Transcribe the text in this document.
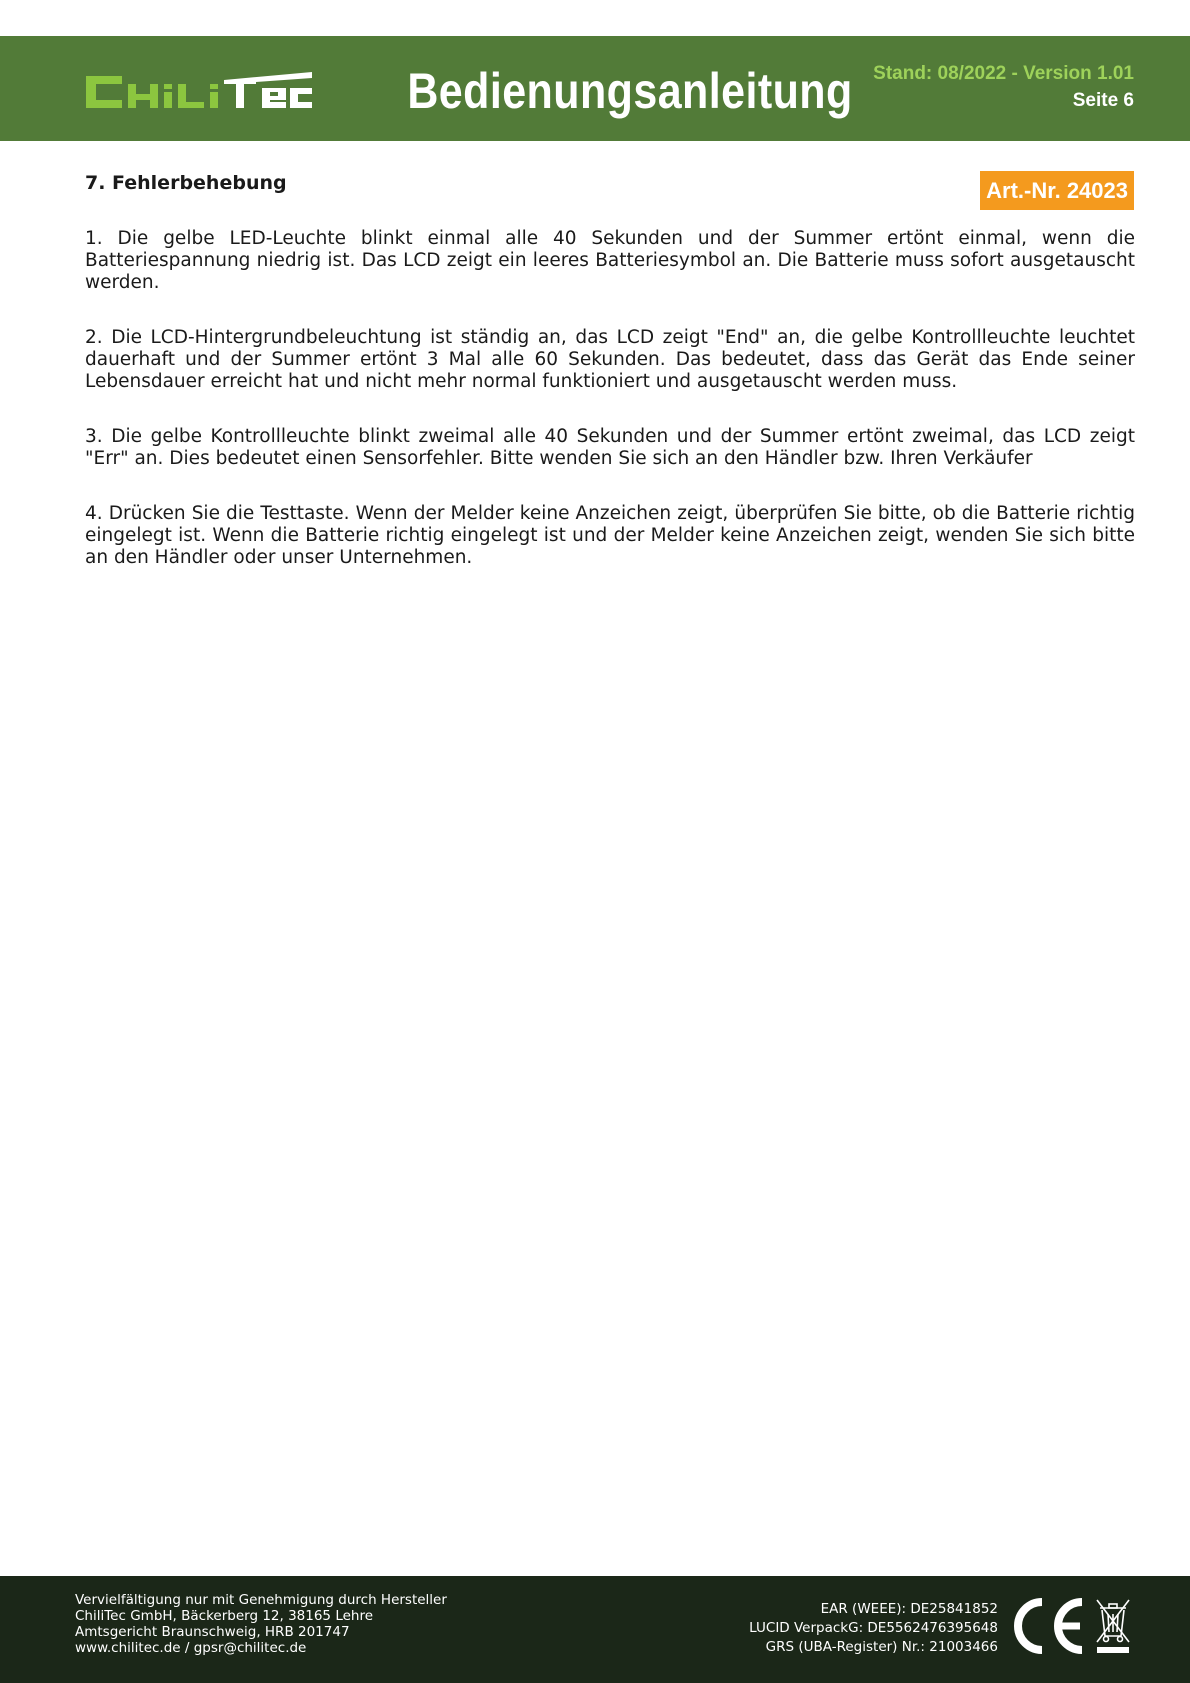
Bedienungsanleitung	Stand: 08/2022 - Version 1.01
Seite 6
7. Fehlerbehebung	Art.-Nr. 24023

1. Die gelbe LED-Leuchte blinkt einmal alle 40 Sekunden und der Summer ertönt einmal, wenn die Batteriespannung niedrig ist. Das LCD zeigt ein leeres Batteriesymbol an. Die Batterie muss sofort ausgetauscht werden.

2. Die LCD-Hintergrundbeleuchtung ist ständig an, das LCD zeigt "End" an, die gelbe Kontrollleuchte leuchtet dauerhaft und der Summer ertönt 3 Mal alle 60 Sekunden. Das bedeutet, dass das Gerät das Ende seiner Lebensdauer erreicht hat und nicht mehr normal funktioniert und ausgetauscht werden muss.

3. Die gelbe Kontrollleuchte blinkt zweimal alle 40 Sekunden und der Summer ertönt zweimal, das LCD zeigt "Err" an. Dies bedeutet einen Sensorfehler. Bitte wenden Sie sich an den Händler bzw. Ihren Verkäufer

4. Drücken Sie die Testtaste. Wenn der Melder keine Anzeichen zeigt, überprüfen Sie bitte, ob die Batterie richtig eingelegt ist. Wenn die Batterie richtig eingelegt ist und der Melder keine Anzeichen zeigt, wenden Sie sich bitte an den Händler oder unser Unternehmen.

Vervielfältigung nur mit Genehmigung durch Hersteller
ChiliTec GmbH, Bäckerberg 12, 38165 Lehre
Amtsgericht Braunschweig, HRB 201747
www.chilitec.de / gpsr@chilitec.de
EAR (WEEE): DE25841852
LUCID VerpackG: DE5562476395648
GRS (UBA-Register) Nr.: 21003466
